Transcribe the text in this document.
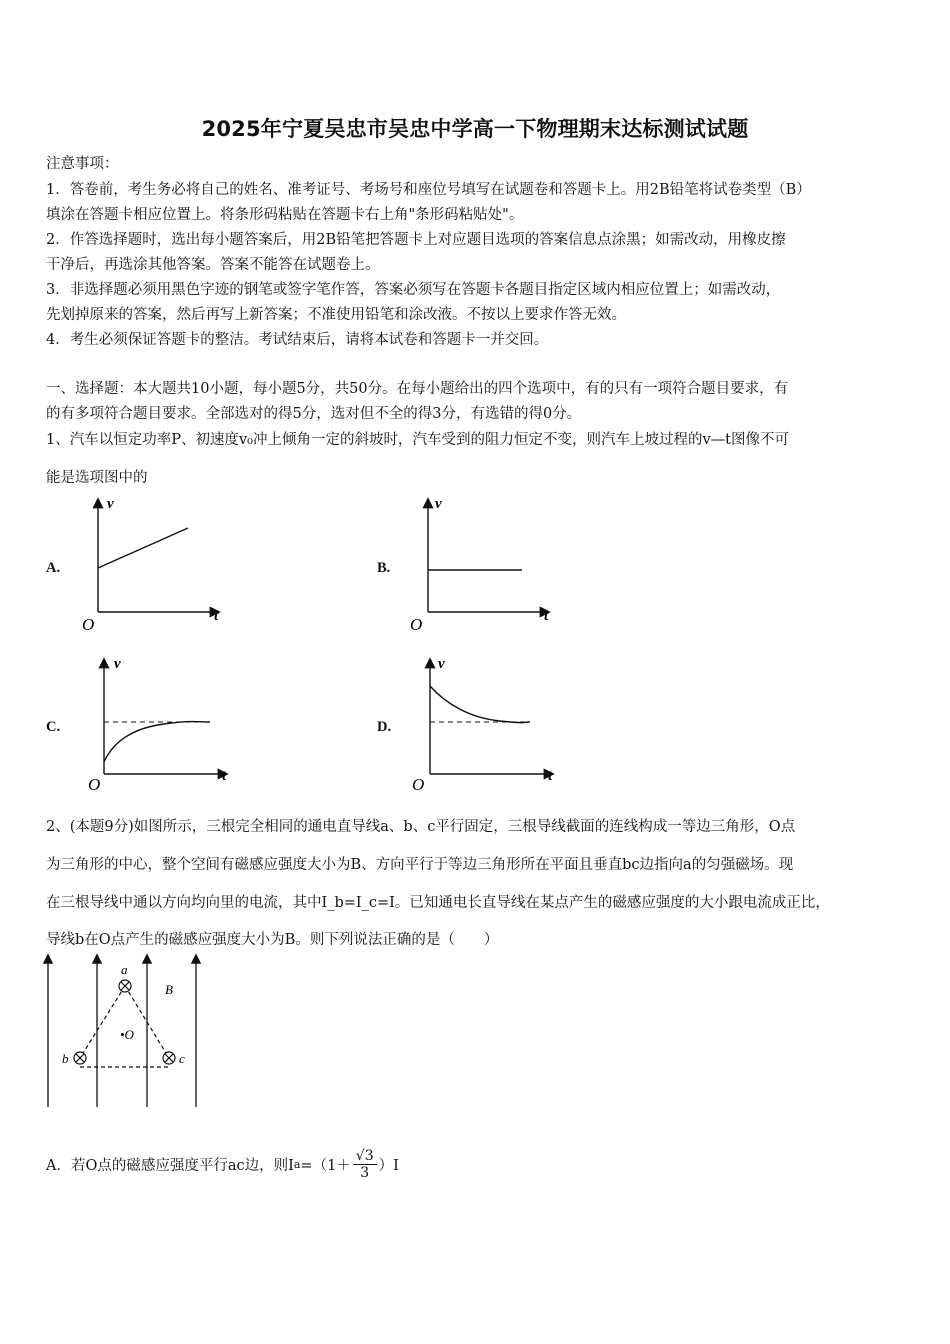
2025年宁夏吴忠市吴忠中学高一下物理期末达标测试试题
注意事项：
1．答卷前，考生务必将自己的姓名、准考证号、考场号和座位号填写在试题卷和答题卡上。用2B铅笔将试卷类型（B）
填涂在答题卡相应位置上。将条形码粘贴在答题卡右上角"条形码粘贴处"。
2．作答选择题时，选出每小题答案后，用2B铅笔把答题卡上对应题目选项的答案信息点涂黑；如需改动，用橡皮擦
干净后，再选涂其他答案。答案不能答在试题卷上。
3．非选择题必须用黑色字迹的钢笔或签字笔作答，答案必须写在答题卡各题目指定区域内相应位置上；如需改动，
先划掉原来的答案，然后再写上新答案；不准使用铅笔和涂改液。不按以上要求作答无效。
4．考生必须保证答题卡的整洁。考试结束后，请将本试卷和答题卡一并交回。
一、选择题：本大题共10小题，每小题5分，共50分。在每小题给出的四个选项中，有的只有一项符合题目要求，有
的有多项符合题目要求。全部选对的得5分，选对但不全的得3分，有选错的得0分。
1、汽车以恒定功率P、初速度v₀冲上倾角一定的斜坡时，汽车受到的阻力恒定不变，则汽车上坡过程的v—t图像不可
能是选项图中的
A.	B.
C.	D.
v
t
O
v
t
O
v
t
O
v
t
O
2、(本题9分)如图所示，三根完全相同的通电直导线a、b、c平行固定，三根导线截面的连线构成一等边三角形，O点
为三角形的中心，整个空间有磁感应强度大小为B、方向平行于等边三角形所在平面且垂直bc边指向a的匀强磁场。现
在三根导线中通以方向均向里的电流，其中I_b=I_c=I。已知通电长直导线在某点产生的磁感应强度的大小跟电流成正比，
导线b在O点产生的磁感应强度大小为B。则下列说法正确的是（　　）
a
b	c
•O
B
A．若O点的磁感应强度平行ac边，则I $a =(1+ \frac{√3}{3} )I$
